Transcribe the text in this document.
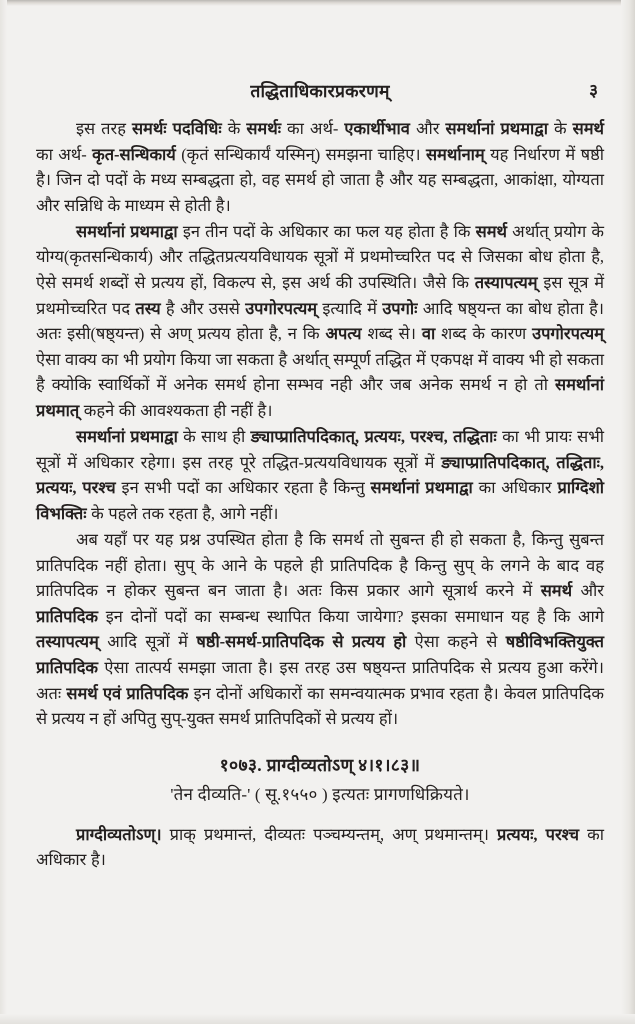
तद्धिताधिकारप्रकरणम्	३

इस तरह समर्थः पदविधिः के समर्थः का अर्थ- एकार्थीभाव और समर्थानां प्रथमाद्वा के समर्थ का अर्थ- कृत-सन्धिकार्य (कृतं सन्धिकार्यं यस्मिन्) समझना चाहिए। समर्थानाम् यह निर्धारण में षष्ठी है। जिन दो पदों के मध्य सम्बद्धता हो, वह समर्थ हो जाता है और यह सम्बद्धता, आकांक्षा, योग्यता और सन्निधि के माध्यम से होती है।

समर्थानां प्रथमाद्वा इन तीन पदों के अधिकार का फल यह होता है कि समर्थ अर्थात् प्रयोग के योग्य(कृतसन्धिकार्य) और तद्धितप्रत्ययविधायक सूत्रों में प्रथमोच्चरित पद से जिसका बोध होता है, ऐसे समर्थ शब्दों से प्रत्यय हों, विकल्प से, इस अर्थ की उपस्थिति। जैसे कि तस्यापत्यम् इस सूत्र में प्रथमोच्चरित पद तस्य है और उससे उपगोरपत्यम् इत्यादि में उपगोः आदि षष्ठ्यन्त का बोध होता है। अतः इसी(षष्ठ्यन्त) से अण् प्रत्यय होता है, न कि अपत्य शब्द से। वा शब्द के कारण उपगोरपत्यम् ऐसा वाक्य का भी प्रयोग किया जा सकता है अर्थात् सम्पूर्ण तद्धित में एकपक्ष में वाक्य भी हो सकता है क्योकि स्वार्थिकों में अनेक समर्थ होना सम्भव नही और जब अनेक समर्थ न हो तो समर्थानां प्रथमात् कहने की आवश्यकता ही नहीं है।

समर्थानां प्रथमाद्वा के साथ ही ङ्याप्प्रातिपदिकात्, प्रत्ययः, परश्च, तद्धिताः का भी प्रायः सभी सूत्रों में अधिकार रहेगा। इस तरह पूरे तद्धित-प्रत्ययविधायक सूत्रों में ङ्याप्प्रातिपदिकात्, तद्धिताः, प्रत्ययः, परश्च इन सभी पदों का अधिकार रहता है किन्तु समर्थानां प्रथमाद्वा का अधिकार प्राग्दिशो विभक्तिः के पहले तक रहता है, आगे नहीं।

अब यहाँ पर यह प्रश्न उपस्थित होता है कि समर्थ तो सुबन्त ही हो सकता है, किन्तु सुबन्त प्रातिपदिक नहीं होता। सुप् के आने के पहले ही प्रातिपदिक है किन्तु सुप् के लगने के बाद वह प्रातिपदिक न होकर सुबन्त बन जाता है। अतः किस प्रकार आगे सूत्रार्थ करने में समर्थ और प्रातिपदिक इन दोनों पदों का सम्बन्ध स्थापित किया जायेगा? इसका समाधान यह है कि आगे तस्यापत्यम् आदि सूत्रों में षष्ठी-समर्थ-प्रातिपदिक से प्रत्यय हो ऐसा कहने से षष्ठीविभक्तियुक्त प्रातिपदिक ऐसा तात्पर्य समझा जाता है। इस तरह उस षष्ठ्यन्त प्रातिपदिक से प्रत्यय हुआ करेंगे। अतः समर्थ एवं प्रातिपदिक इन दोनों अधिकारों का समन्वयात्मक प्रभाव रहता है। केवल प्रातिपदिक से प्रत्यय न हों अपितु सुप्-युक्त समर्थ प्रातिपदिकों से प्रत्यय हों।

१०७३. प्राग्दीव्यतोऽण् ४।१।८३॥
'तेन दीव्यति-' ( सू.१५५० ) इत्यतः प्रागणधिक्रियते।

प्राग्दीव्यतोऽण्। प्राक् प्रथमान्तं, दीव्यतः पञ्चम्यन्तम्, अण् प्रथमान्तम्। प्रत्ययः, परश्च का अधिकार है।
